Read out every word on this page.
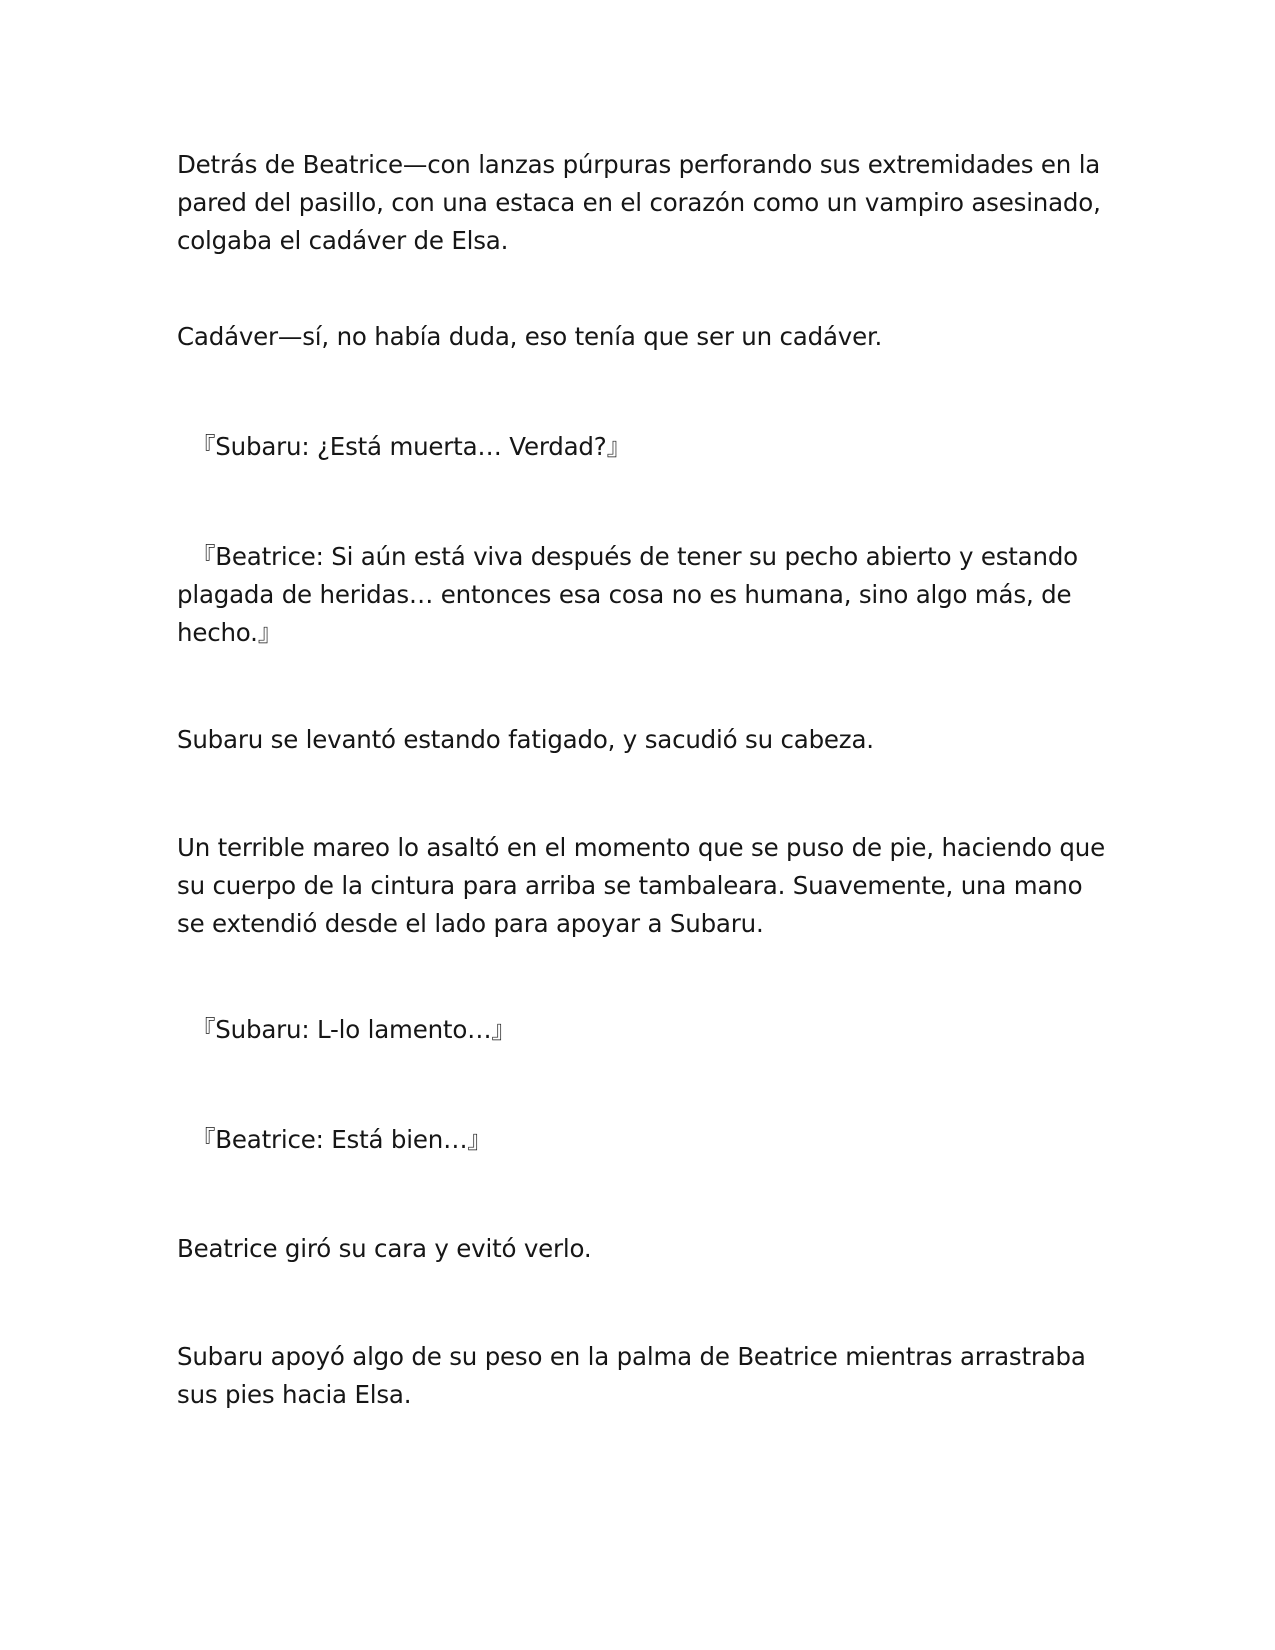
Detrás de Beatrice—con lanzas púrpuras perforando sus extremidades en la pared del pasillo, con una estaca en el corazón como un vampiro asesinado, colgaba el cadáver de Elsa.

Cadáver—sí, no había duda, eso tenía que ser un cadáver.

『Subaru: ¿Está muerta… Verdad?』

『Beatrice: Si aún está viva después de tener su pecho abierto y estando plagada de heridas… entonces esa cosa no es humana, sino algo más, de hecho.』

Subaru se levantó estando fatigado, y sacudió su cabeza.

Un terrible mareo lo asaltó en el momento que se puso de pie, haciendo que su cuerpo de la cintura para arriba se tambaleara. Suavemente, una mano se extendió desde el lado para apoyar a Subaru.

『Subaru: L-lo lamento…』

『Beatrice: Está bien…』

Beatrice giró su cara y evitó verlo.

Subaru apoyó algo de su peso en la palma de Beatrice mientras arrastraba sus pies hacia Elsa.
